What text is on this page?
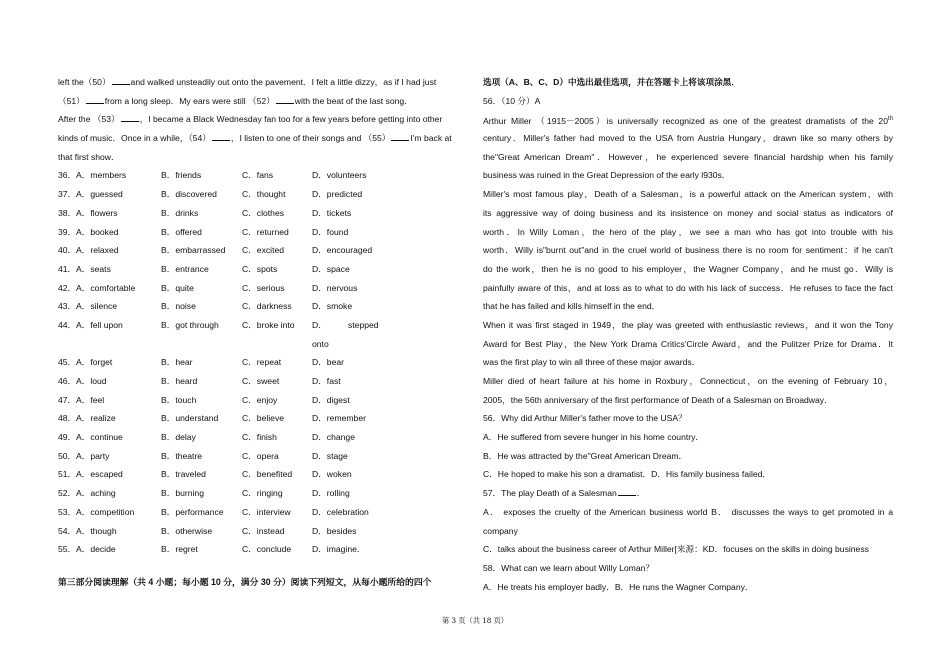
left the（50） and walked unsteadily out onto the pavement．I felt a little dizzy，as if I had just
（51） from a long sleep．My ears were still （52） with the beat of the last song．
After the （53） ，I became a Black Wednesday fan too for a few years before getting into other
kinds of music．Once in a while，（54） ，I listen to one of their songs and （55） I'm back at
that first show．
36． A．members	B．friends	C．fans	D．volunteers
37． A．guessed	B．discovered	C．thought	D．predicted
38． A．flowers	B．drinks	C．clothes	D．tickets
39． A．booked	B．offered	C．returned	D．found
40． A．relaxed	B．embarrassed C．excited	D．encouraged
41． A．seats	B．entrance	C．spots	D．space
42． A．comfortable	B．quite	C．serious	D．nervous
43． A．silence	B．noise	C．darkness D．smoke
44． A．fell upon	B．got through	C．broke into D． stepped
onto
45． A．forget	B．hear	C．repeat	D．bear
46． A．loud	B．heard	C．sweet	D．fast
47． A．feel	B．touch	C．enjoy	D．digest
48． A．realize	B．understand	C．believe	D．remember
49． A．continue	B．delay	C．finish	D．change
50． A．party	B．theatre	C．opera	D．stage
51． A．escaped	B．traveled	C．benefited D．woken
52． A．aching	B．burning	C．ringing	D．rolling
53． A．competition	B．performance C．interview D．celebration
54． A．though	B．otherwise	C．instead	D．besides
55． A．decide	B．regret	C．conclude D．imagine．
第三部分阅读理解（共 4 小题；每小题 10 分，满分 30 分）阅读下列短文，从每小题所给的四个
选项（A、B、C、D）中选出最佳选项，并在答题卡上将该项涂黑．
56．（10 分）A
Arthur Miller （1915－2005）is universally recognized as one of the greatest dramatists of the 20th
century．Miller's father had moved to the USA from Austria Hungary，drawn like so many others by
the"Great American Dream"．However，he experienced severe financial hardship when his family
business was ruined in the Great Depression of the early l930s．
Miller's most famous play，Death of a Salesman，is a powerful attack on the American system，with
its aggressive way of doing business and its insistence on money and social status as indicators of
worth．In Willy Loman，the hero of the play，we see a man who has got into trouble with his
worth．Willy is"burnt out"and in the cruel world of business there is no room for sentiment：if he can't
do the work，then he is no good to his employer，the Wagner Company，and he must go．Willy is
painfully aware of this，and at loss as to what to do with his lack of success．He refuses to face the fact
that he has failed and kills himself in the end．
When it was first staged in 1949，the play was greeted with enthusiastic reviews，and it won the Tony
Award for Best Play，the New York Drama Critics'Circle Award，and the Pulitzer Prize for Drama．It
was the first play to win all three of these major awards．
Miller died of heart failure at his home in Roxbury，Connecticut，on the evening of February 10，
2005，the 56th anniversary of the first performance of Death of a Salesman on Broadway．
56．Why did Arthur Miller's father move to the USA？
A．He suffered from severe hunger in his home country．
B．He was attracted by the"Great American Dream．
C．He hoped to make his son a dramatist．D．His family business failed．
57．The play Death of a Salesman ．
A． exposes the cruelty of the American business world B． discusses the ways to get promoted in a
company
C．talks about the business career of Arthur Miller[来源：KD．focuses on the skills in doing business
58．What can we learn about Willy Loman？
A．He treats his employer badly．B．He runs the Wagner Company．
第 3 页（共 18 页）
